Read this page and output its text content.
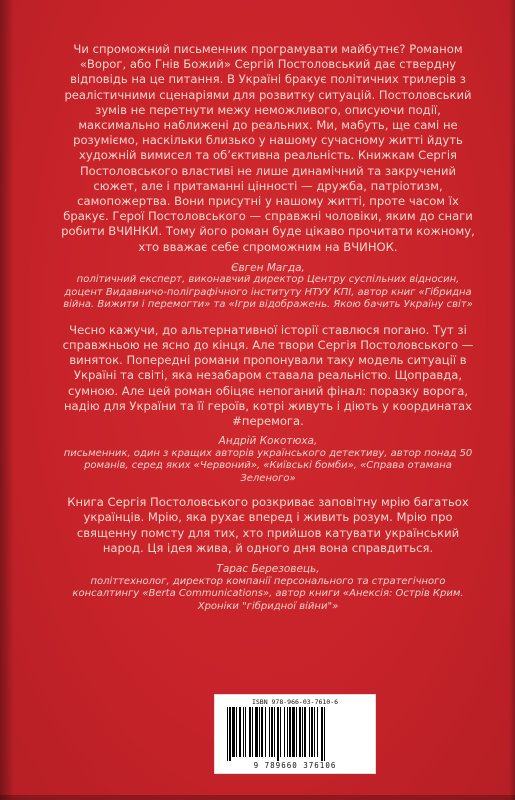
Чи спроможний письменник програмувати майбутнє? Романом «Ворог, або Гнів Божий» Сергій Постоловський дає ствердну відповідь на це питання. В Україні бракує політичних трилерів з реалістичними сценаріями для розвитку ситуацій. Постоловський зумів не перетнути межу неможливого, описуючи події, максимально наближені до реальних. Ми, мабуть, ще самі не розуміємо, наскільки близько у нашому сучасному житті йдуть художній вимисел та об’єктивна реальність. Книжкам Сергія Постоловського властиві не лише динамічний та закручений сюжет, але і притаманні цінності — дружба, патріотизм, самопожертва. Вони присутні у нашому житті, проте часом їх бракує. Герої Постоловського — справжні чоловіки, яким до снаги робити ВЧИНКИ. Тому його роман буде цікаво прочитати кожному, хто вважає себе спроможним на ВЧИНОК.

Євген Магда,
політичний експерт, виконавчий директор Центру суспільних відносин, доцент Видавничо-поліграфічного інституту НТУУ КПІ, автор книг «Гібридна війна. Вижити і перемогти» та «Ігри відображень. Якою бачить Україну світ»

Чесно кажучи, до альтернативної історії ставлюся погано. Тут зі справжньою не ясно до кінця. Але твори Сергія Постоловського — виняток. Попередні романи пропонували таку модель ситуації в Україні та світі, яка незабаром ставала реальністю. Щоправда, сумною. Але цей роман обіцяє непоганий фінал: поразку ворога, надію для України та її героїв, котрі живуть і діють у координатах #перемога.

Андрій Кокотюха,
письменник, один з кращих авторів українського детективу, автор понад 50 романів, серед яких «Червоний», «Київські бомби», «Справа отамана Зеленого»

Книга Сергія Постоловського розкриває заповітну мрію багатьох українців. Мрію, яка рухає вперед і живить розум. Мрію про священну помсту для тих, хто прийшов катувати український народ. Ця ідея жива, й одного дня вона справдиться.

Тарас Березовець,
політтехнолог, директор компанії персонального та стратегічного консалтингу «Berta Communications», автор книги «Анексія: Острів Крим. Хроніки "гібридної війни"»
ISBN 978-966-03-7610-6
9 789660 376106
